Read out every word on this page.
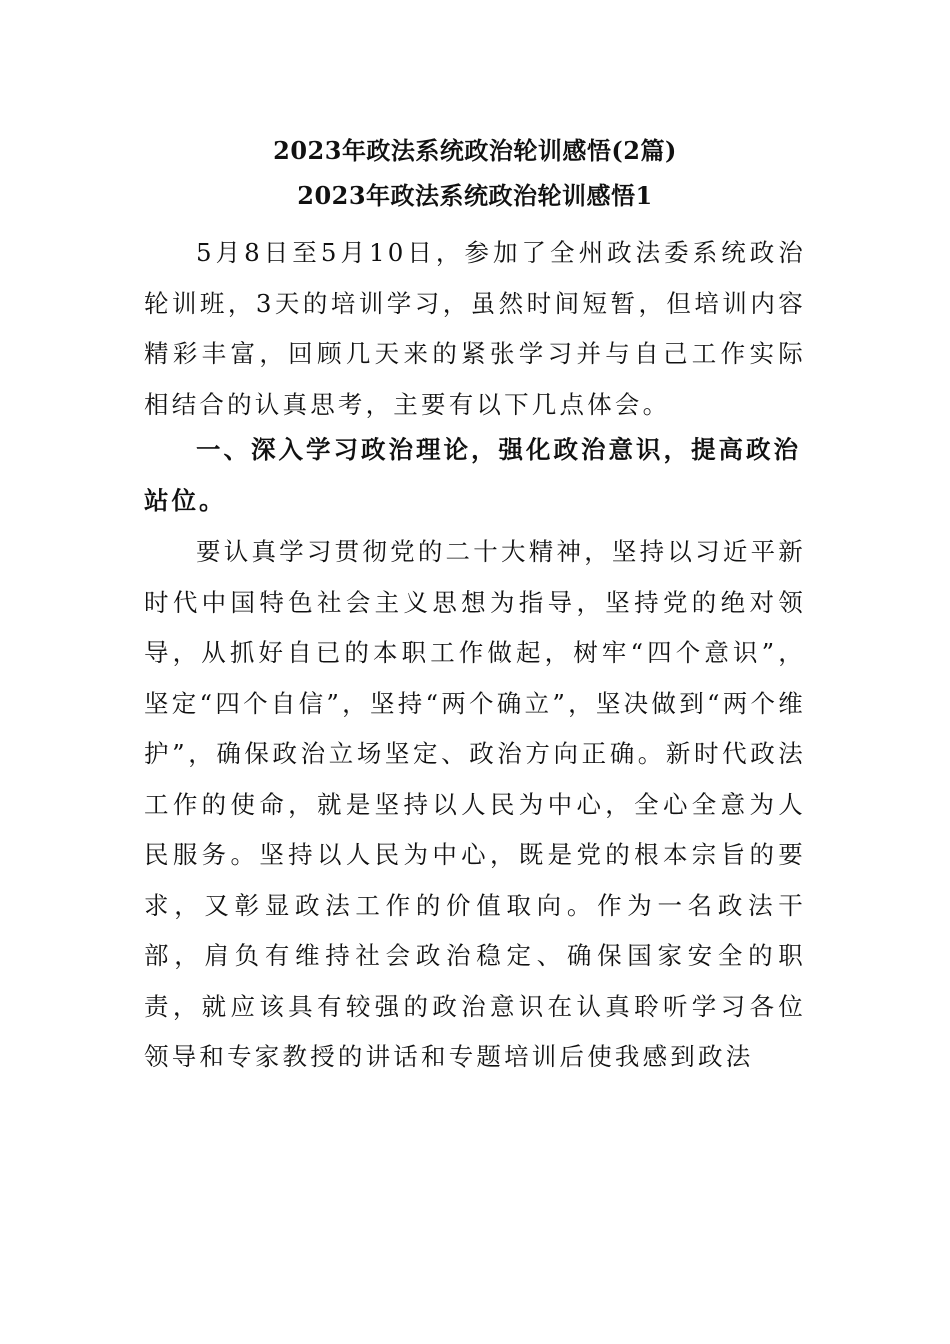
2023年政法系统政治轮训感悟(2篇)
2023年政法系统政治轮训感悟1
5月8日至5月10日，参加了全州政法委系统政治轮训班，3天的培训学习，虽然时间短暂，但培训内容精彩丰富，回顾几天来的紧张学习并与自己工作实际相结合的认真思考，主要有以下几点体会。
一、深入学习政治理论，强化政治意识，提高政治站位。
要认真学习贯彻党的二十大精神，坚持以习近平新时代中国特色社会主义思想为指导，坚持党的绝对领导，从抓好自已的本职工作做起，树牢“四个意识”，坚定“四个自信”，坚持“两个确立”，坚决做到“两个维护”，确保政治立场坚定、政治方向正确。新时代政法工作的使命，就是坚持以人民为中心，全心全意为人民服务。坚持以人民为中心，既是党的根本宗旨的要求，又彰显政法工作的价值取向。作为一名政法干部，肩负有维持社会政治稳定、确保国家安全的职责，就应该具有较强的政治意识在认真聆听学习各位领导和专家教授的讲话和专题培训后使我感到政法
